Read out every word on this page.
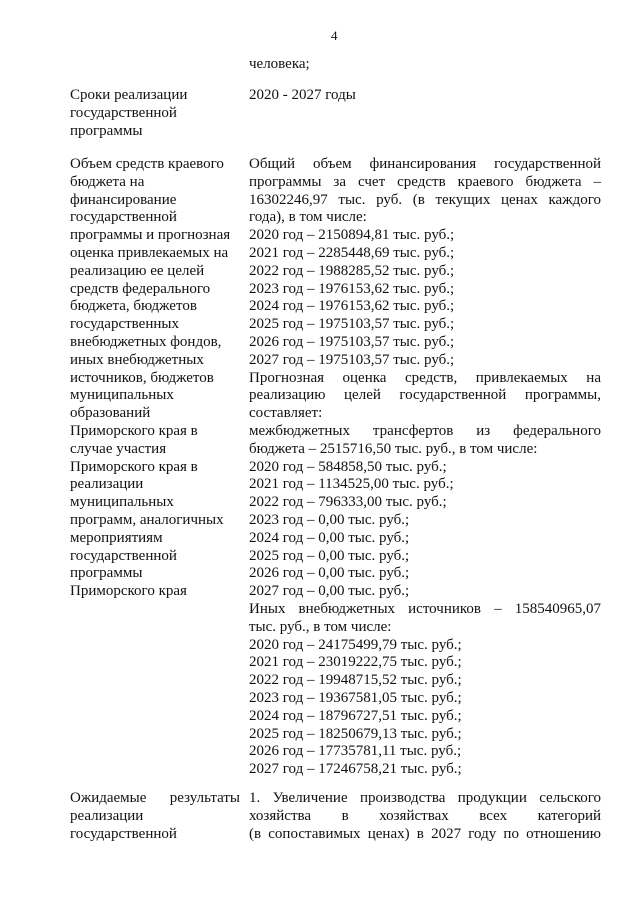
4
человека;
Сроки реализации
государственной
программы
2020 - 2027 годы
Объем средств краевого
бюджета на
финансирование
государственной
программы и прогнозная
оценка привлекаемых на
реализацию ее целей
средств федерального
бюджета, бюджетов
государственных
внебюджетных фондов,
иных внебюджетных
источников, бюджетов
муниципальных
образований
Приморского края в
случае участия
Приморского края в
реализации
муниципальных
программ, аналогичных
мероприятиям
государственной
программы
Приморского края
Общий объем финансирования государственной
программы за счет средств краевого бюджета –
16302246,97 тыс. руб. (в текущих ценах каждого
года), в том числе:
2020 год – 2150894,81 тыс. руб.;
2021 год – 2285448,69 тыс. руб.;
2022 год – 1988285,52 тыс. руб.;
2023 год – 1976153,62 тыс. руб.;
2024 год – 1976153,62 тыс. руб.;
2025 год – 1975103,57 тыс. руб.;
2026 год – 1975103,57 тыс. руб.;
2027 год – 1975103,57 тыс. руб.;
Прогнозная оценка средств, привлекаемых на
реализацию целей государственной программы,
составляет:
межбюджетных трансфертов из федерального
бюджета – 2515716,50 тыс. руб., в том числе:
2020 год – 584858,50 тыс. руб.;
2021 год – 1134525,00 тыс. руб.;
2022 год – 796333,00 тыс. руб.;
2023 год – 0,00 тыс. руб.;
2024 год – 0,00 тыс. руб.;
2025 год – 0,00 тыс. руб.;
2026 год – 0,00 тыс. руб.;
2027 год – 0,00 тыс. руб.;
Иных внебюджетных источников – 158540965,07
тыс. руб., в том числе:
2020 год – 24175499,79 тыс. руб.;
2021 год – 23019222,75 тыс. руб.;
2022 год – 19948715,52 тыс. руб.;
2023 год – 19367581,05 тыс. руб.;
2024 год – 18796727,51 тыс. руб.;
2025 год – 18250679,13 тыс. руб.;
2026 год – 17735781,11 тыс. руб.;
2027 год – 17246758,21 тыс. руб.;
Ожидаемые результаты
реализации
государственной
1. Увеличение производства продукции сельского
хозяйства в хозяйствах всех категорий
(в сопоставимых ценах) в 2027 году по отношению
